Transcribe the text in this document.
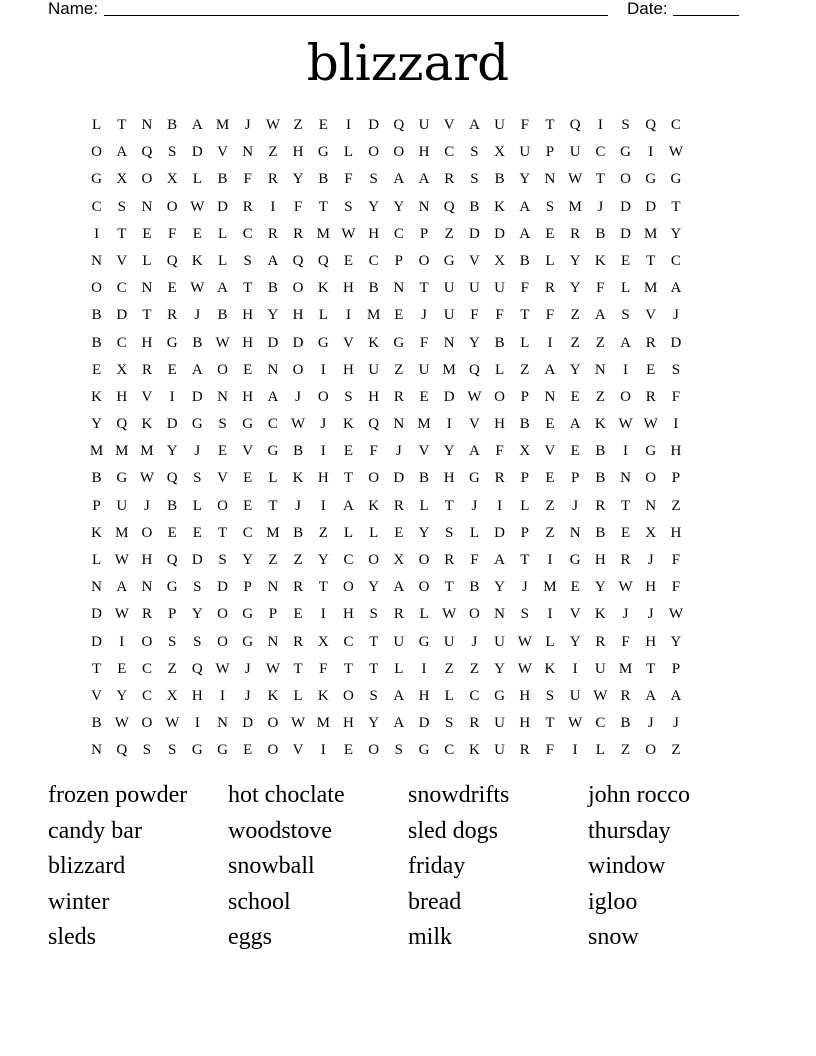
Name:	Date:
blizzard
L	T	N B A M	J	W Z	E	I	D Q U V A U	F	T	Q	I	S	Q C
O A Q	S	D V N	Z	H G	L	O O H C	S	X U	P	U C G	I	W
G X O X	L	B	F	R Y B	F	S	A A R	S	B Y N W T	O G G
C	S	N O W D R	I	F	T	S	Y Y N Q B K A	S M	J	D D	T
I	T	E	F	E	L	C	R	R M W H C	P	Z	D D A	E	R	B D M Y
N V	L	Q K	L	S	A Q Q	E	C	P	O G V X B	L	Y K	E	T	C
O C N	E W A	T	B O K H B N	T	U U U	F	R Y	F	L M A
B D	T	R	J	B H Y H	L	I	M E	J	U	F	F	T	F	Z	A	S	V	J
B	C H G B W H D D G V K G	F	N Y B	L	I	Z	Z	A R D
E	X R	E	A O	E	N O	I	H U	Z	U M Q	L	Z	A Y N	I	E	S
K H V	I	D N H A	J	O	S	H R	E	D W O	P	N	E	Z	O R	F
Y Q K D G	S	G C W	J	K Q N M	I	V H B	E	A K W W	I
M M M Y	J	E	V G B	I	E	F	J	V Y A	F	X V	E	B	I	G H
B G W Q	S	V	E	L	K H	T	O D B H G R	P	E	P	B N O	P
P	U	J	B	L	O	E	T	J	I	A K R	L	T	J	I	L	Z	J	R	T	N	Z
K M O	E	E	T	C M B	Z	L	L	E	Y	S	L	D	P	Z	N B	E	X H
L W H Q D	S	Y	Z	Z	Y C O X O R	F	A	T	I	G H R	J	F
N A N G	S	D	P	N R	T	O Y A O	T	B Y	J	M E	Y W H	F
D W R	P	Y O G	P	E	I	H	S	R	L W O N	S	I	V K	J	J	W
D	I	O	S	S	O G N R X C	T	U G U	J	U W L	Y R	F	H Y
T	E	C	Z	Q W	J	W T	F	T	T	L	I	Z	Z	Y W K	I	U M T	P
V Y C X H	I	J	K	L	K O	S	A H	L	C G H	S	U W R A A
B W O W	I	N D O W M H Y A D	S	R U H	T W C	B	J	J
N Q	S	S	G G	E	O V	I	E	O	S	G C K U R	F	I	L	Z	O	Z
frozen powder	hot choclate	snowdrifts	john rocco
candy bar	woodstove	sled dogs	thursday
blizzard	snowball	friday	window
winter	school	bread	igloo
sleds	eggs	milk	snow
